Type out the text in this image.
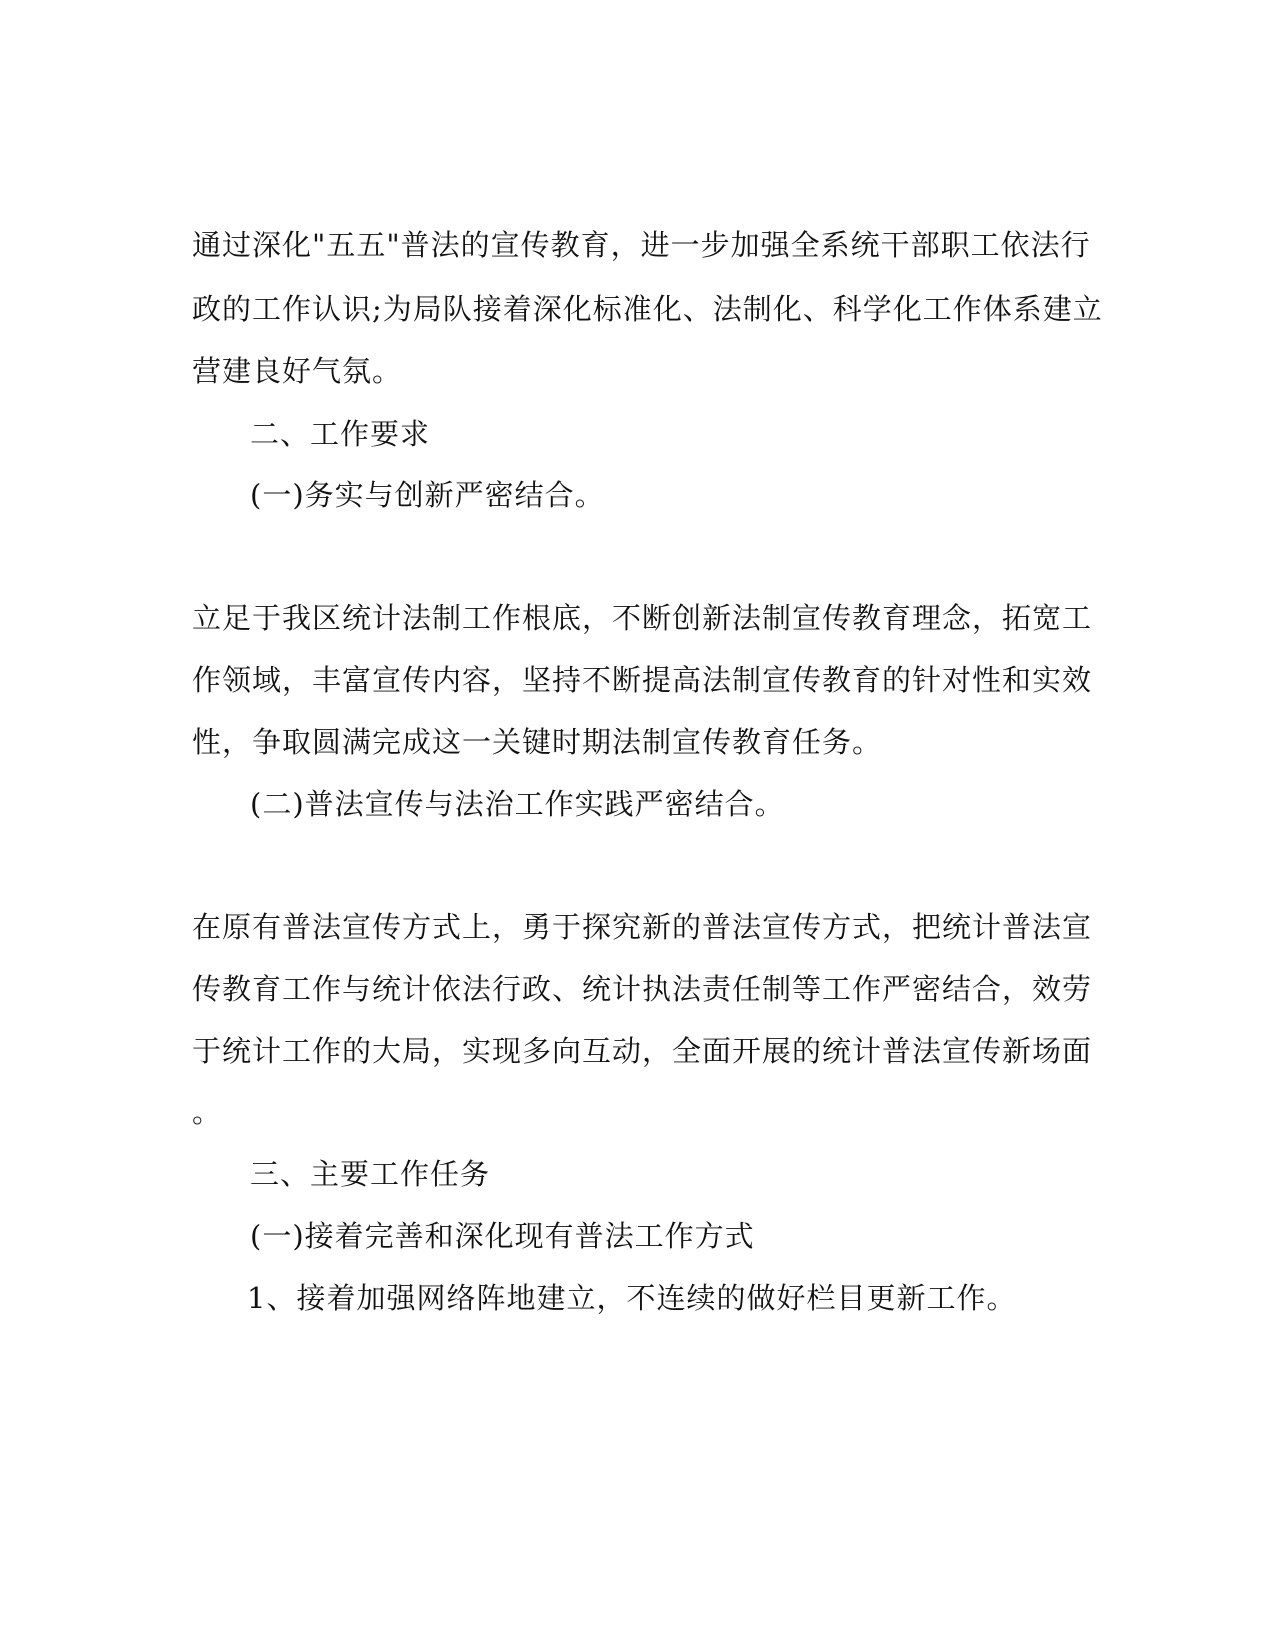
通过深化"五五"普法的宣传教育，进一步加强全系统干部职工依法行
政的工作认识;为局队接着深化标准化、法制化、科学化工作体系建立
营建良好气氛。
二、工作要求
(一)务实与创新严密结合。
立足于我区统计法制工作根底，不断创新法制宣传教育理念，拓宽工
作领域，丰富宣传内容，坚持不断提高法制宣传教育的针对性和实效
性，争取圆满完成这一关键时期法制宣传教育任务。
(二)普法宣传与法治工作实践严密结合。
在原有普法宣传方式上，勇于探究新的普法宣传方式，把统计普法宣
传教育工作与统计依法行政、统计执法责任制等工作严密结合，效劳
于统计工作的大局，实现多向互动，全面开展的统计普法宣传新场面
。
三、主要工作任务
(一)接着完善和深化现有普法工作方式
1、接着加强网络阵地建立，不连续的做好栏目更新工作。
